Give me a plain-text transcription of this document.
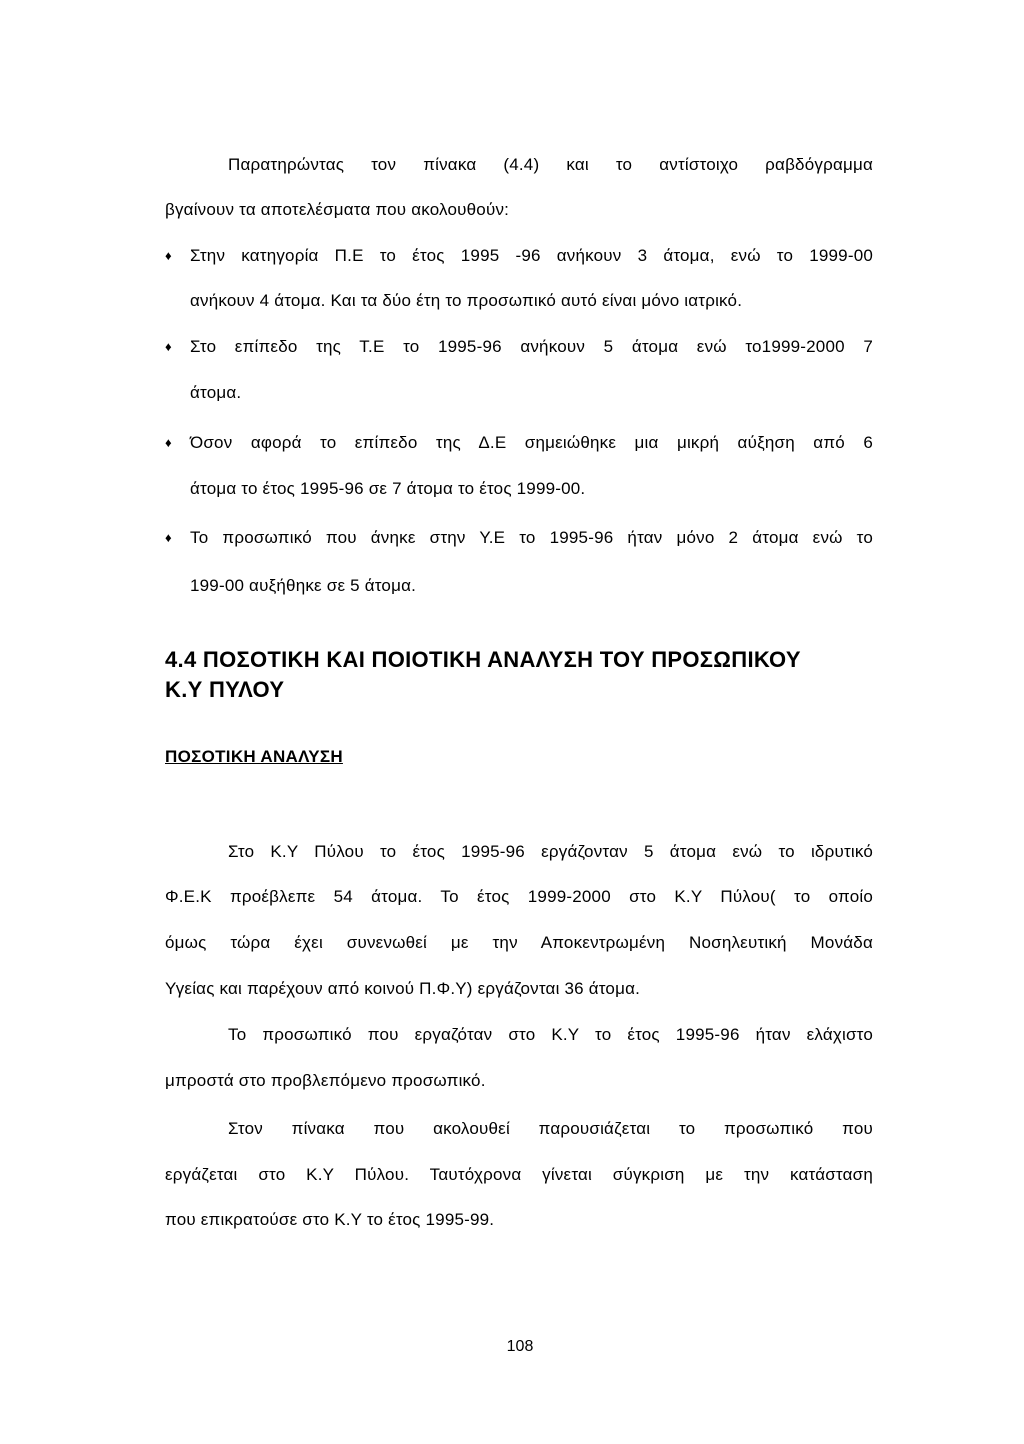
Παρατηρώντας τον πίνακα (4.4) και το αντίστοιχο ραβδόγραμμα
βγαίνουν τα αποτελέσματα που ακολουθούν:
♦ Στην κατηγορία Π.Ε το έτος 1995 -96 ανήκουν 3 άτομα, ενώ το 1999-00
ανήκουν 4 άτομα. Και τα δύο έτη το προσωπικό αυτό είναι μόνο ιατρικό.
♦ Στο επίπεδο της Τ.Ε το 1995-96 ανήκουν 5 άτομα ενώ το1999-2000 7
άτομα.
♦ Όσον αφορά το επίπεδο της Δ.Ε σημειώθηκε μια μικρή αύξηση από 6
άτομα το έτος 1995-96 σε 7 άτομα το έτος 1999-00.
♦ Το προσωπικό που άνηκε στην Υ.Ε το 1995-96 ήταν μόνο 2 άτομα ενώ το
199-00 αυξήθηκε σε 5 άτομα.
4.4 ΠΟΣΟΤΙΚΗ ΚΑΙ ΠΟΙΟΤΙΚΗ ΑΝΑΛΥΣΗ ΤΟΥ ΠΡΟΣΩΠΙΚΟΥ
Κ.Υ ΠΥΛΟΥ
ΠΟΣΟΤΙΚΗ ΑΝΑΛΥΣΗ
Στο Κ.Υ Πύλου το έτος 1995-96 εργάζονταν 5 άτομα ενώ το ιδρυτικό
Φ.Ε.Κ προέβλεπε 54 άτομα. Το έτος 1999-2000 στο Κ.Υ Πύλου( το οποίο
όμως τώρα έχει συνενωθεί με την Αποκεντρωμένη Νοσηλευτική Μονάδα
Υγείας και παρέχουν από κοινού Π.Φ.Υ) εργάζονται 36 άτομα.
Το προσωπικό που εργαζόταν στο Κ.Υ το έτος 1995-96 ήταν ελάχιστο
μπροστά στο προβλεπόμενο προσωπικό.
Στον πίνακα που ακολουθεί παρουσιάζεται το προσωπικό που
εργάζεται στο Κ.Υ Πύλου. Ταυτόχρονα γίνεται σύγκριση με την κατάσταση
που επικρατούσε στο Κ.Υ το έτος 1995-99.
108
